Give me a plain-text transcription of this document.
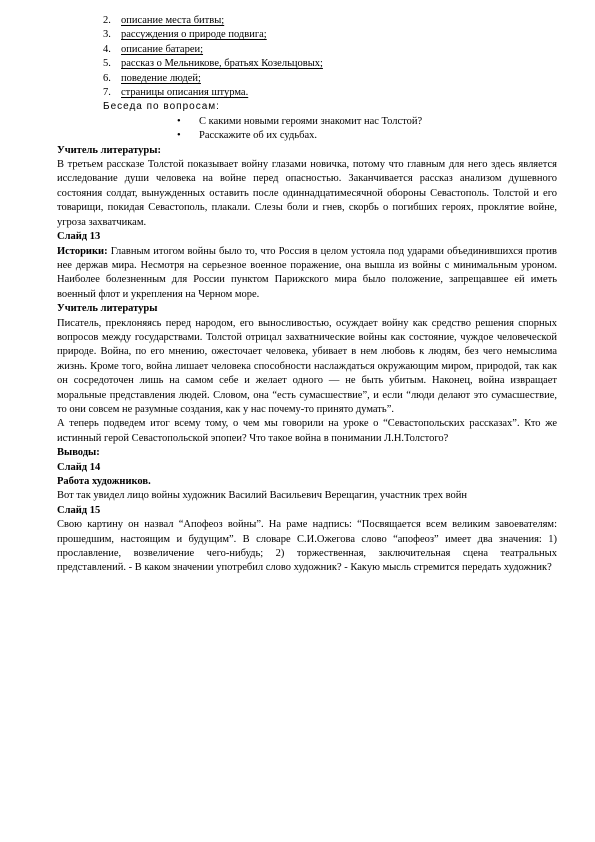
2. описание места битвы;
3. рассуждения о природе подвига;
4. описание батареи;
5. рассказ о Мельникове, братьях Козельцовых;
6. поведение людей;
7. страницы описания штурма.
Беседа по вопросам:
•	С какими новыми героями знакомит нас Толстой?
•	Расскажите об их судьбах.
Учитель литературы:

В третьем рассказе Толстой показывает войну глазами новичка, потому что главным для него здесь является исследование души человека на войне перед опасностью. Заканчивается рассказ анализом душевного состояния солдат, вынужденных оставить после одиннадцатимесячной обороны Севастополь. Толстой и его товарищи, покидая Севастополь, плакали. Слезы боли и гнев, скорбь о погибших героях, проклятие войне, угроза захватчикам.

Слайд 13

Историки: Главным итогом войны было то, что Россия в целом устояла под ударами объединившихся против нее держав мира. Несмотря на серьезное военное поражение, она вышла из войны с минимальным уроном. Наиболее болезненным для России пунктом Парижского мира было положение, запрещавшее ей иметь военный флот и укрепления на Черном море.

Учитель литературы

Писатель, преклоняясь перед народом, его выносливостью, осуждает войну как средство решения спорных вопросов между государствами. Толстой отрицал захватнические войны как состояние, чуждое человеческой природе. Война, по его мнению, ожесточает человека, убивает в нем любовь к людям, без чего немыслима жизнь. Кроме того, война лишает человека способности наслаждаться окружающим миром, природой, так как он сосредоточен лишь на самом себе и желает одного — не быть убитым. Наконец, война извращает моральные представления людей. Словом, она “есть сумасшествие”, и если “люди делают это сумасшествие, то они совсем не разумные создания, как у нас почему-то принято думать”.

А теперь подведем итог всему тому, о чем мы говорили на уроке о “Севастопольских рассказах”. Кто же истинный герой Севастопольской эпопеи? Что такое война в понимании Л.Н.Толстого?

Выводы:
Слайд 14
Работа художников.

Вот так увидел лицо войны художник Василий Васильевич Верещагин, участник трех войн

Слайд 15

Свою картину он назвал “Апофеоз войны”. На раме надпись: “Посвящается всем великим завоевателям: прошедшим, настоящим и будущим”. В словаре С.И.Ожегова слово “апофеоз” имеет два значения: 1) прославление, возвеличение чего-нибудь; 2) торжественная, заключительная сцена театральных представлений. - В каком значении употребил слово художник? - Какую мысль стремится передать художник?
